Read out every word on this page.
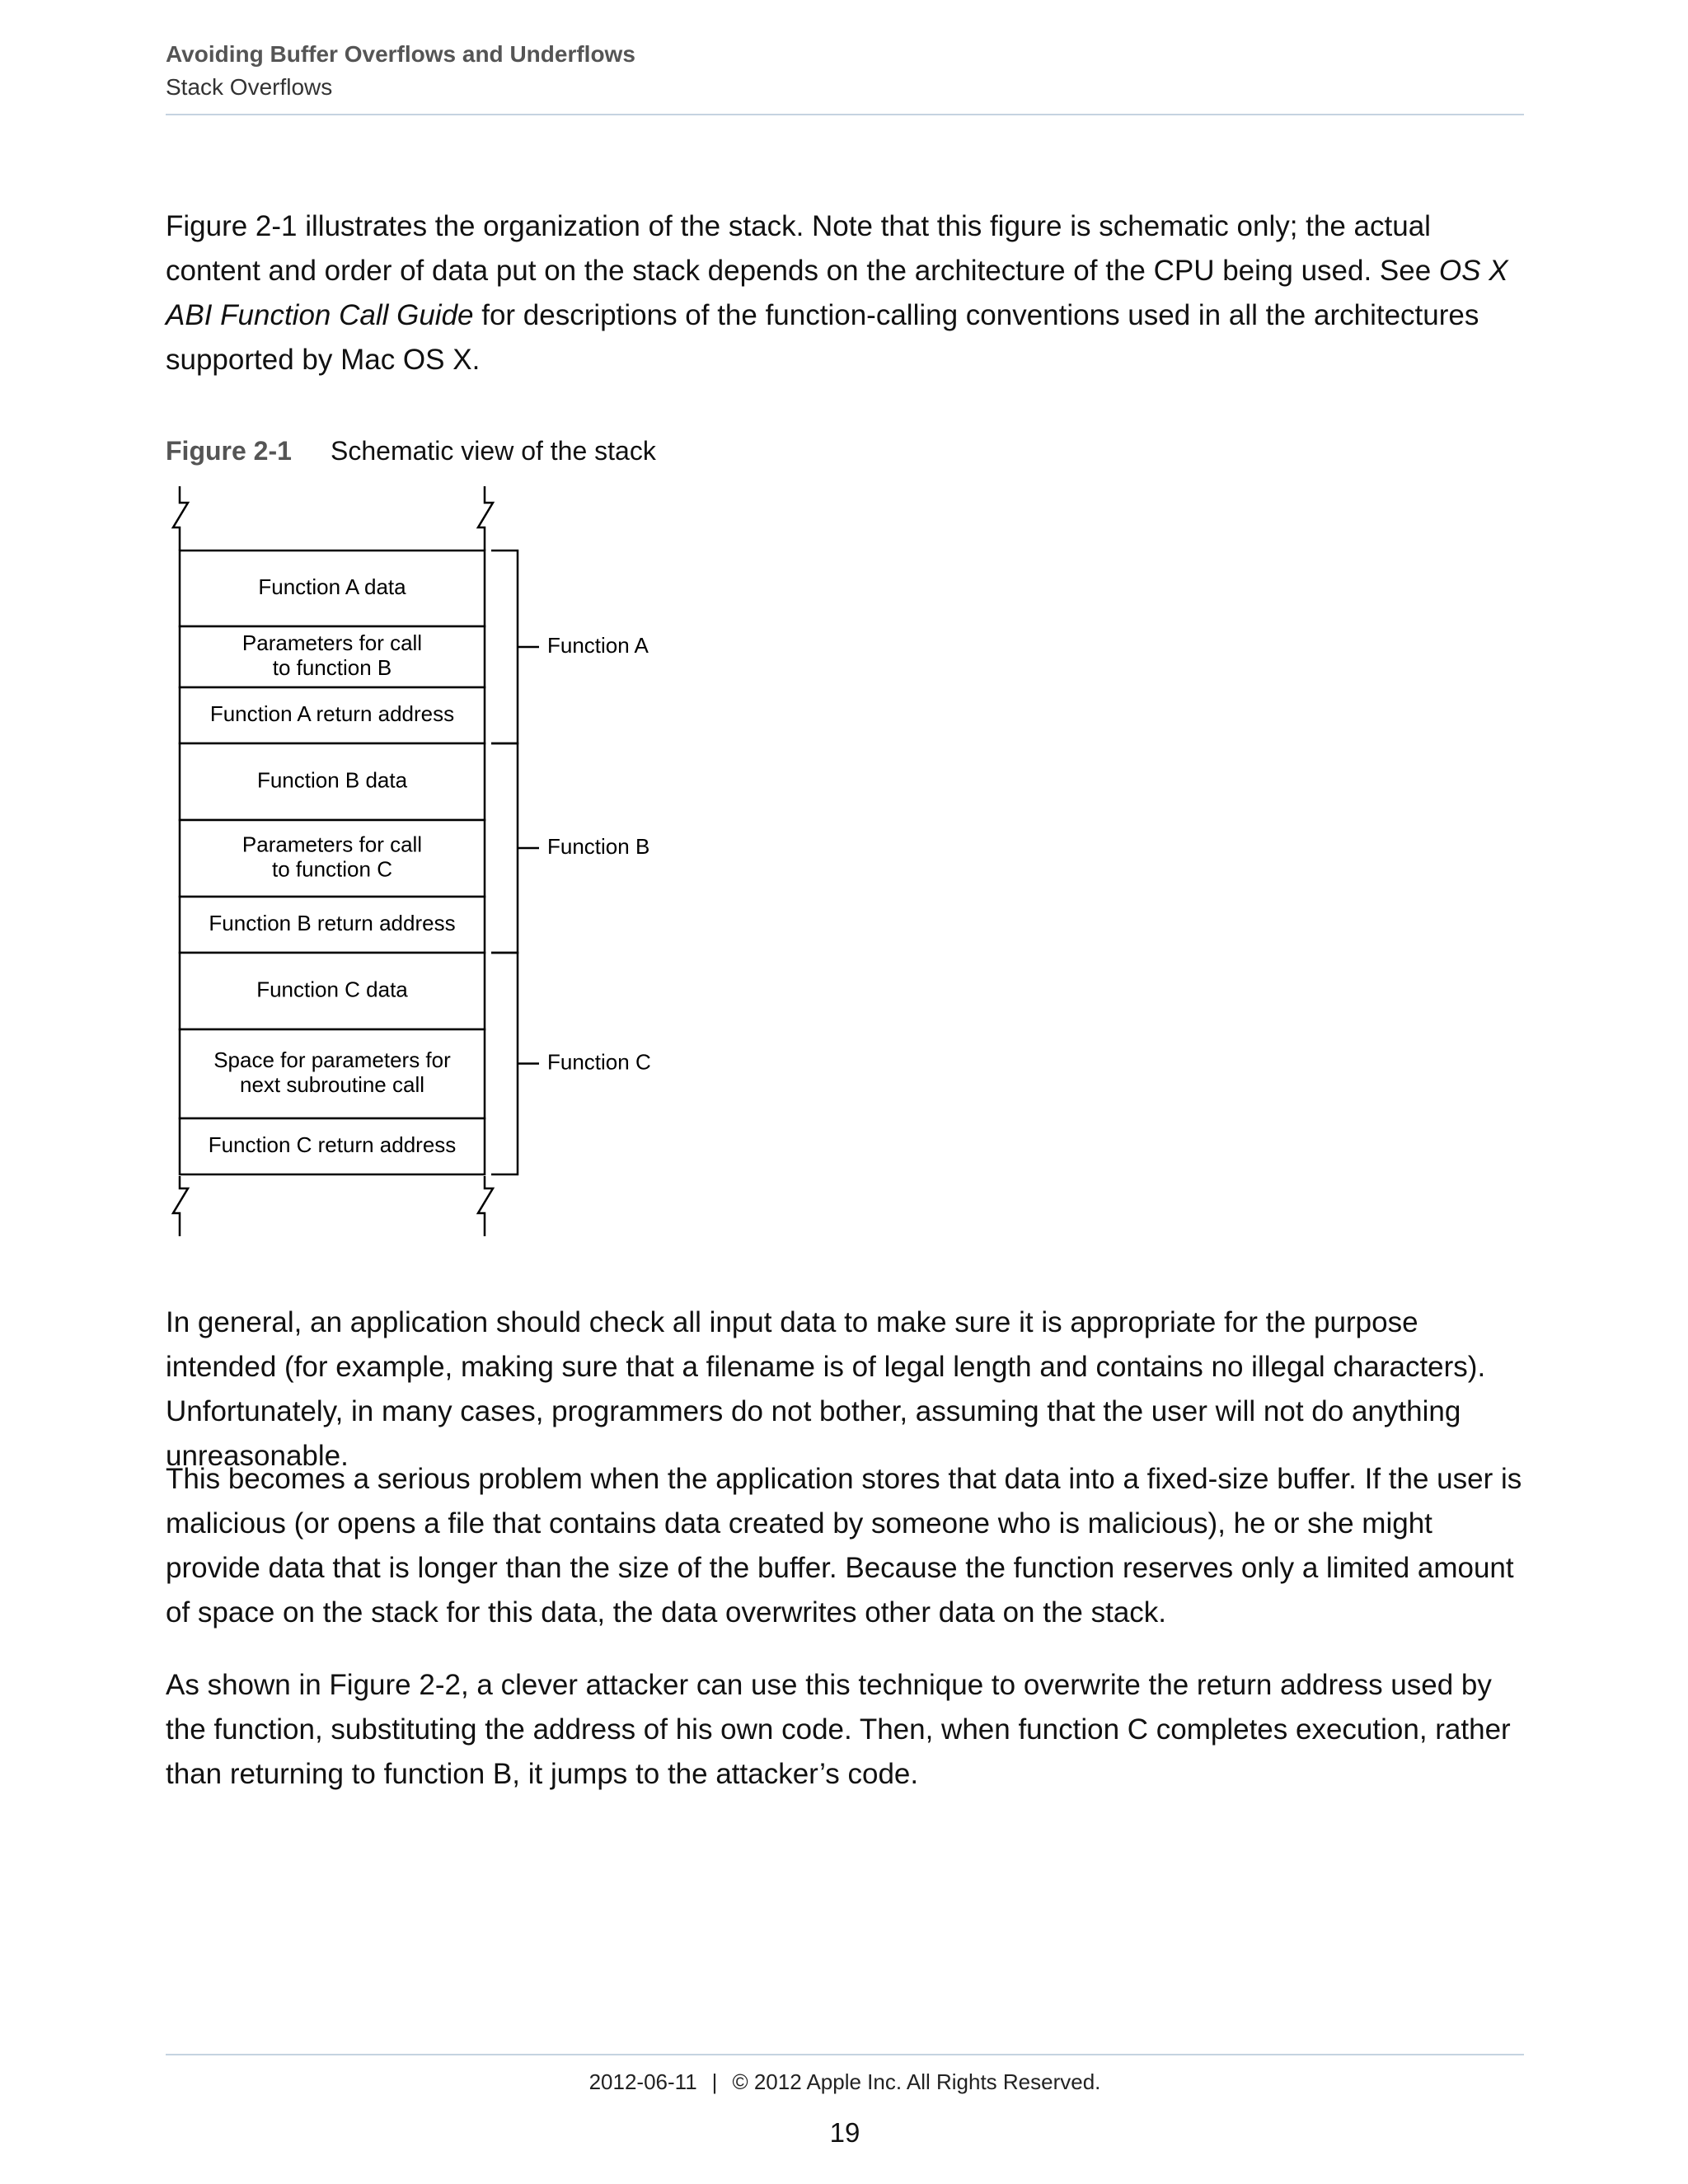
Avoiding Buffer Overflows and Underflows
Stack Overflows

Figure 2-1 illustrates the organization of the stack. Note that this figure is schematic only; the actual content and order of data put on the stack depends on the architecture of the CPU being used. See OS X ABI Function Call Guide for descriptions of the function-calling conventions used in all the architectures supported by Mac OS X.

Figure 2-1 Schematic view of the stack
Function A data
Parameters for call
to function B
Function A return address
Function B data
Parameters for call
to function C
Function B return address
Function C data
Space for parameters for
next subroutine call
Function C return address
Function A
Function B
Function C

In general, an application should check all input data to make sure it is appropriate for the purpose intended (for example, making sure that a filename is of legal length and contains no illegal characters). Unfortunately, in many cases, programmers do not bother, assuming that the user will not do anything unreasonable.

This becomes a serious problem when the application stores that data into a fixed-size buffer. If the user is malicious (or opens a file that contains data created by someone who is malicious), he or she might provide data that is longer than the size of the buffer. Because the function reserves only a limited amount of space on the stack for this data, the data overwrites other data on the stack.

As shown in Figure 2-2, a clever attacker can use this technique to overwrite the return address used by the function, substituting the address of his own code. Then, when function C completes execution, rather than returning to function B, it jumps to the attacker’s code.

2012-06-11 | © 2012 Apple Inc. All Rights Reserved.
19
